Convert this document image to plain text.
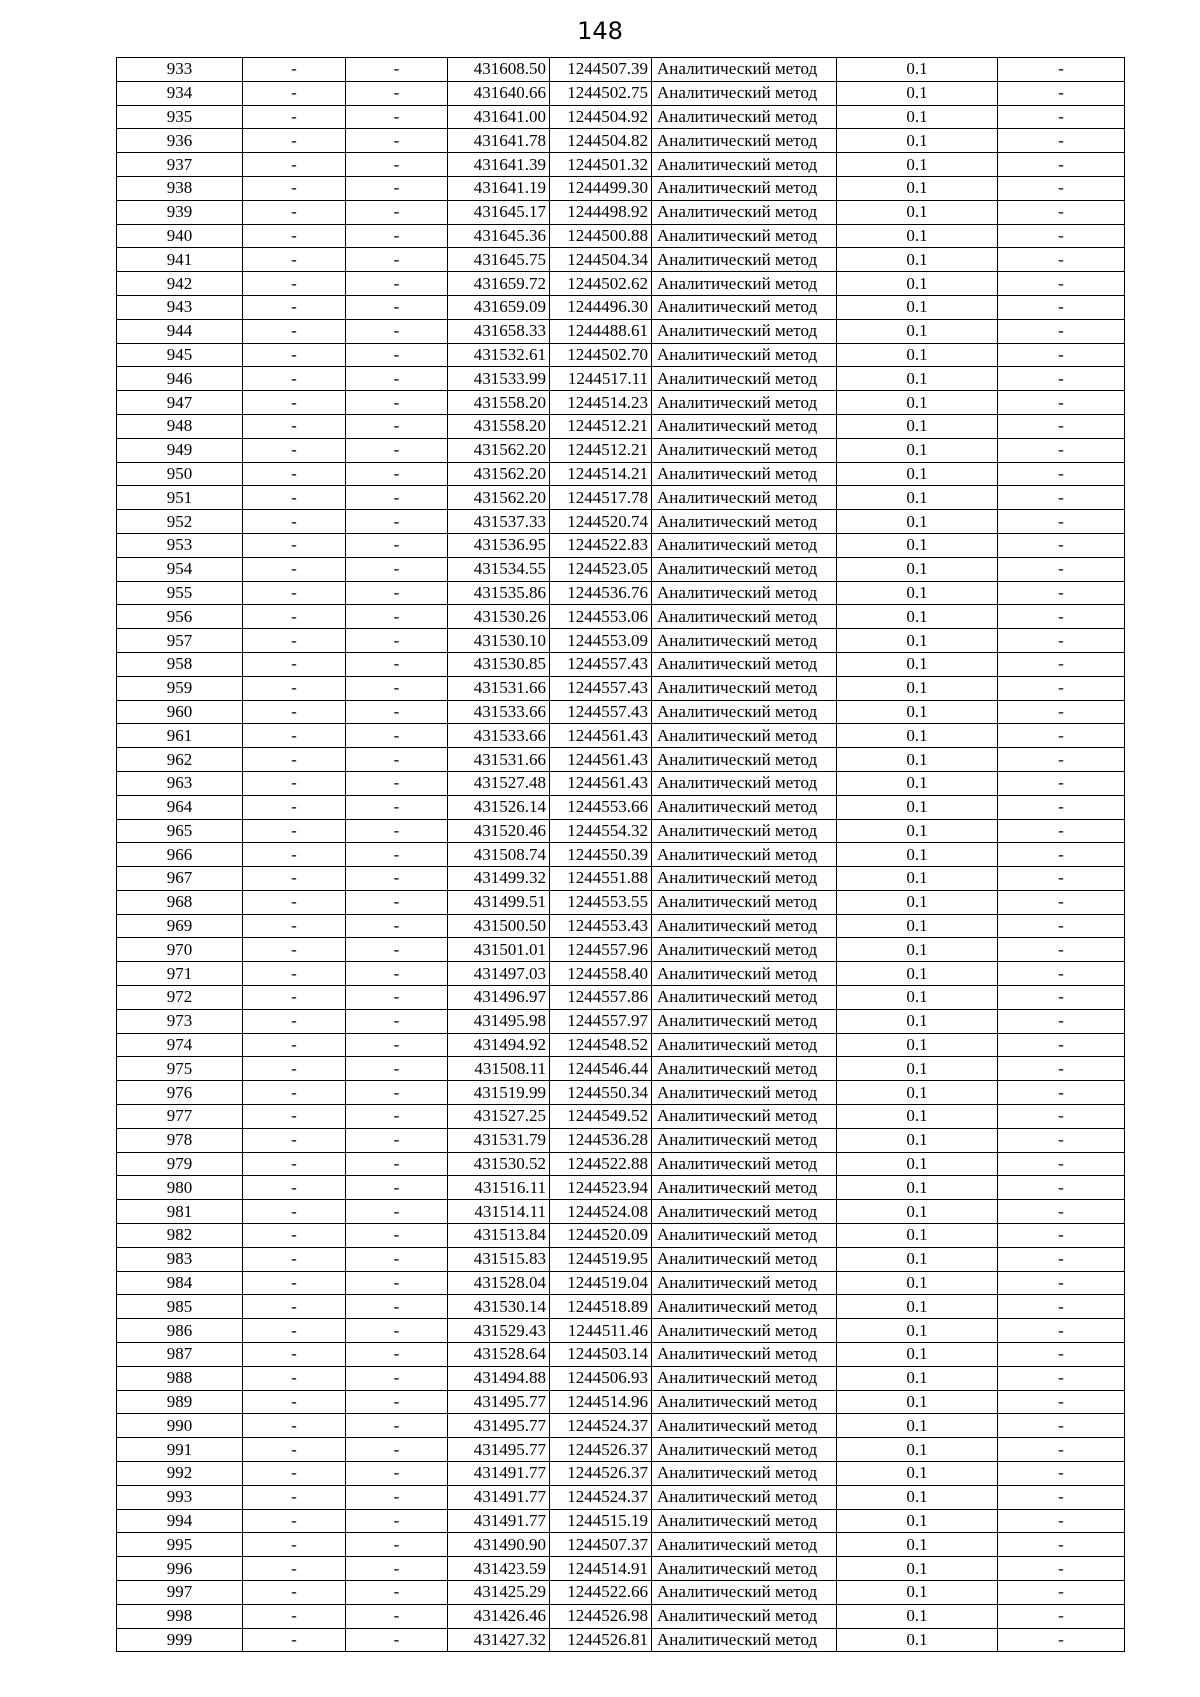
148
933	-	-	431608.50	1244507.39	Аналитический метод	0.1	-
934	-	-	431640.66	1244502.75	Аналитический метод	0.1	-
935	-	-	431641.00	1244504.92	Аналитический метод	0.1	-
936	-	-	431641.78	1244504.82	Аналитический метод	0.1	-
937	-	-	431641.39	1244501.32	Аналитический метод	0.1	-
938	-	-	431641.19	1244499.30	Аналитический метод	0.1	-
939	-	-	431645.17	1244498.92	Аналитический метод	0.1	-
940	-	-	431645.36	1244500.88	Аналитический метод	0.1	-
941	-	-	431645.75	1244504.34	Аналитический метод	0.1	-
942	-	-	431659.72	1244502.62	Аналитический метод	0.1	-
943	-	-	431659.09	1244496.30	Аналитический метод	0.1	-
944	-	-	431658.33	1244488.61	Аналитический метод	0.1	-
945	-	-	431532.61	1244502.70	Аналитический метод	0.1	-
946	-	-	431533.99	1244517.11	Аналитический метод	0.1	-
947	-	-	431558.20	1244514.23	Аналитический метод	0.1	-
948	-	-	431558.20	1244512.21	Аналитический метод	0.1	-
949	-	-	431562.20	1244512.21	Аналитический метод	0.1	-
950	-	-	431562.20	1244514.21	Аналитический метод	0.1	-
951	-	-	431562.20	1244517.78	Аналитический метод	0.1	-
952	-	-	431537.33	1244520.74	Аналитический метод	0.1	-
953	-	-	431536.95	1244522.83	Аналитический метод	0.1	-
954	-	-	431534.55	1244523.05	Аналитический метод	0.1	-
955	-	-	431535.86	1244536.76	Аналитический метод	0.1	-
956	-	-	431530.26	1244553.06	Аналитический метод	0.1	-
957	-	-	431530.10	1244553.09	Аналитический метод	0.1	-
958	-	-	431530.85	1244557.43	Аналитический метод	0.1	-
959	-	-	431531.66	1244557.43	Аналитический метод	0.1	-
960	-	-	431533.66	1244557.43	Аналитический метод	0.1	-
961	-	-	431533.66	1244561.43	Аналитический метод	0.1	-
962	-	-	431531.66	1244561.43	Аналитический метод	0.1	-
963	-	-	431527.48	1244561.43	Аналитический метод	0.1	-
964	-	-	431526.14	1244553.66	Аналитический метод	0.1	-
965	-	-	431520.46	1244554.32	Аналитический метод	0.1	-
966	-	-	431508.74	1244550.39	Аналитический метод	0.1	-
967	-	-	431499.32	1244551.88	Аналитический метод	0.1	-
968	-	-	431499.51	1244553.55	Аналитический метод	0.1	-
969	-	-	431500.50	1244553.43	Аналитический метод	0.1	-
970	-	-	431501.01	1244557.96	Аналитический метод	0.1	-
971	-	-	431497.03	1244558.40	Аналитический метод	0.1	-
972	-	-	431496.97	1244557.86	Аналитический метод	0.1	-
973	-	-	431495.98	1244557.97	Аналитический метод	0.1	-
974	-	-	431494.92	1244548.52	Аналитический метод	0.1	-
975	-	-	431508.11	1244546.44	Аналитический метод	0.1	-
976	-	-	431519.99	1244550.34	Аналитический метод	0.1	-
977	-	-	431527.25	1244549.52	Аналитический метод	0.1	-
978	-	-	431531.79	1244536.28	Аналитический метод	0.1	-
979	-	-	431530.52	1244522.88	Аналитический метод	0.1	-
980	-	-	431516.11	1244523.94	Аналитический метод	0.1	-
981	-	-	431514.11	1244524.08	Аналитический метод	0.1	-
982	-	-	431513.84	1244520.09	Аналитический метод	0.1	-
983	-	-	431515.83	1244519.95	Аналитический метод	0.1	-
984	-	-	431528.04	1244519.04	Аналитический метод	0.1	-
985	-	-	431530.14	1244518.89	Аналитический метод	0.1	-
986	-	-	431529.43	1244511.46	Аналитический метод	0.1	-
987	-	-	431528.64	1244503.14	Аналитический метод	0.1	-
988	-	-	431494.88	1244506.93	Аналитический метод	0.1	-
989	-	-	431495.77	1244514.96	Аналитический метод	0.1	-
990	-	-	431495.77	1244524.37	Аналитический метод	0.1	-
991	-	-	431495.77	1244526.37	Аналитический метод	0.1	-
992	-	-	431491.77	1244526.37	Аналитический метод	0.1	-
993	-	-	431491.77	1244524.37	Аналитический метод	0.1	-
994	-	-	431491.77	1244515.19	Аналитический метод	0.1	-
995	-	-	431490.90	1244507.37	Аналитический метод	0.1	-
996	-	-	431423.59	1244514.91	Аналитический метод	0.1	-
997	-	-	431425.29	1244522.66	Аналитический метод	0.1	-
998	-	-	431426.46	1244526.98	Аналитический метод	0.1	-
999	-	-	431427.32	1244526.81	Аналитический метод	0.1	-
